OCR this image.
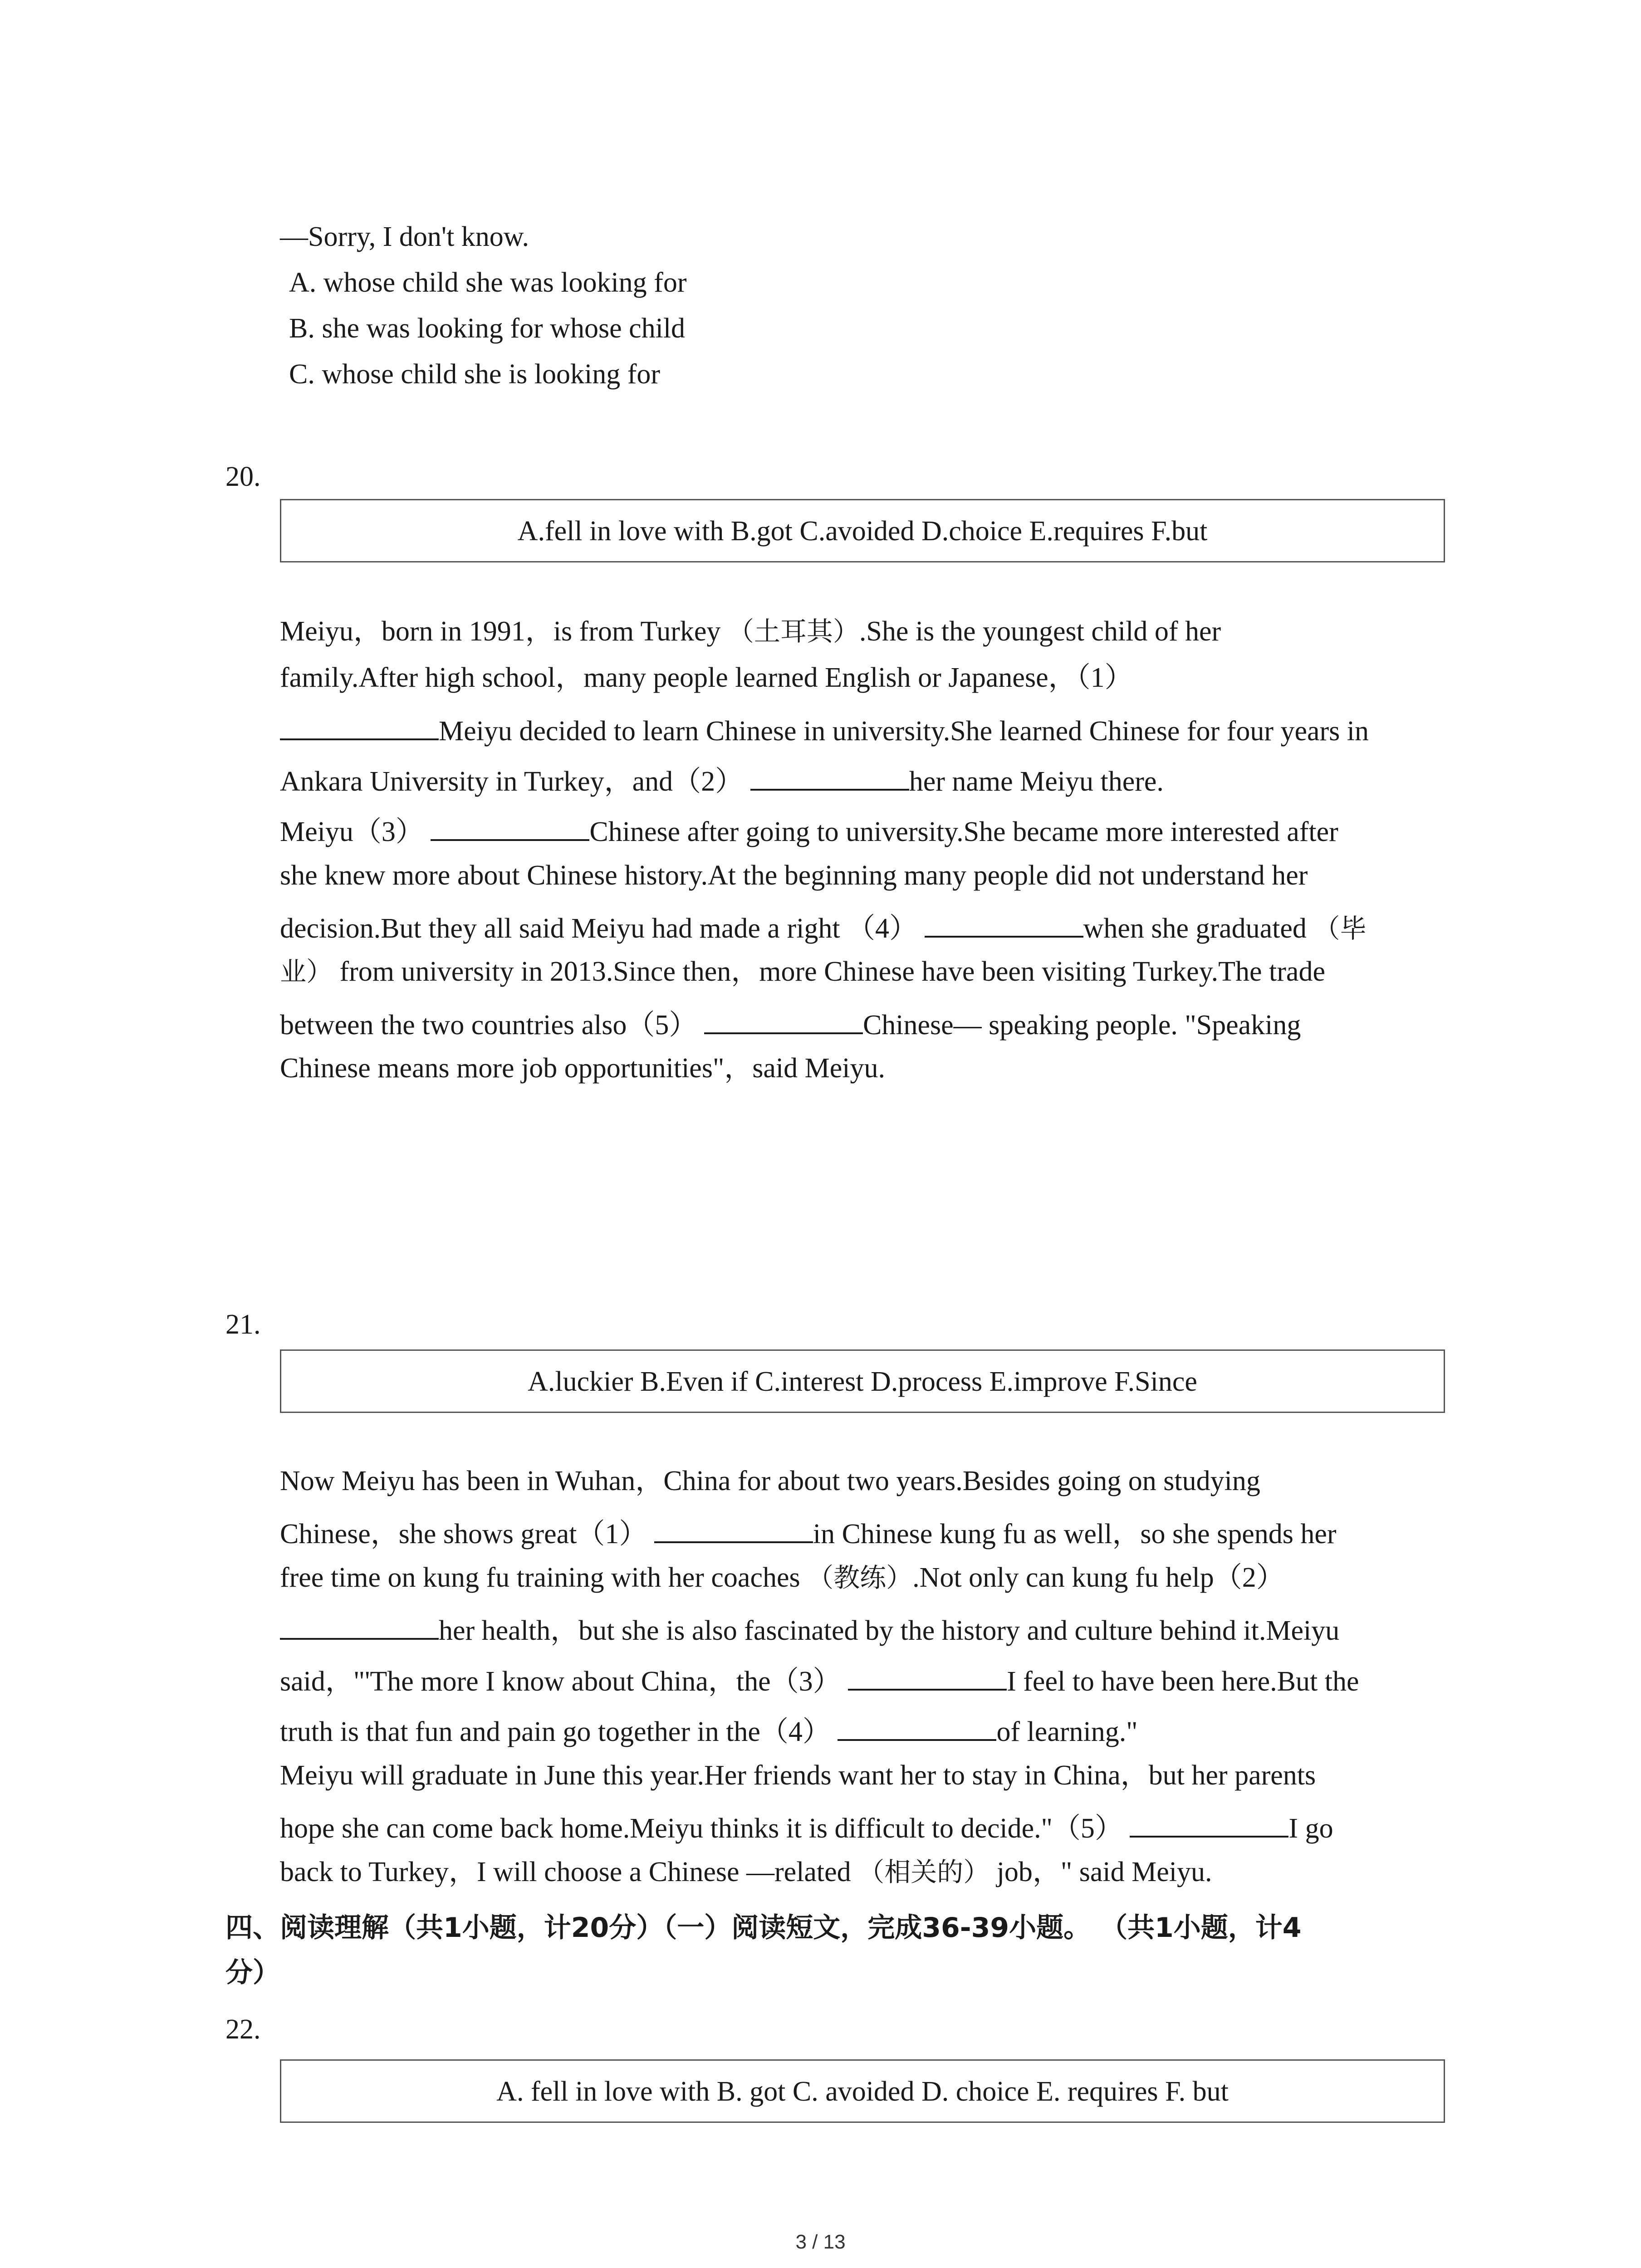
—Sorry, I don't know.
A. whose child she was looking for
B. she was looking for whose child
C. whose child she is looking for
20.
A.fell in love with B.got C.avoided D.choice E.requires F.but
Meiyu，born in 1991，is from Turkey （土耳其）.She is the youngest child of her
family.After high school，many people learned English or Japanese，（1）
Meiyu decided to learn Chinese in university.She learned Chinese for four years in
Ankara University in Turkey，and（2）	her name Meiyu there.
Meiyu（3）	Chinese after going to university.She became more interested after
she knew more about Chinese history.At the beginning many people did not understand her
decision.But they all said Meiyu had made a right （4）	when she graduated （毕
业） from university in 2013.Since then，more Chinese have been visiting Turkey.The trade
between the two countries also（5）	Chinese— speaking people. "Speaking
Chinese means more job opportunities"，said Meiyu.
21.
A.luckier B.Even if C.interest D.process E.improve F.Since
Now Meiyu has been in Wuhan，China for about two years.Besides going on studying
Chinese，she shows great（1）	in Chinese kung fu as well，so she spends her
free time on kung fu training with her coaches （教练）.Not only can kung fu help（2）
her health，but she is also fascinated by the history and culture behind it.Meiyu
said，"'The more I know about China，the（3）	I feel to have been here.But the
truth is that fun and pain go together in the（4）	of learning."
Meiyu will graduate in June this year.Her friends want her to stay in China，but her parents
hope she can come back home.Meiyu thinks it is difficult to decide."（5）	I go
back to Turkey，I will choose a Chinese —related （相关的） job，" said Meiyu.
四、阅读理解（共1小题，计20分）（一）阅读短文，完成36-39小题。 （共1小题，计4
分）
22.
A. fell in love with B. got C. avoided D. choice E. requires F. but
3 / 13
